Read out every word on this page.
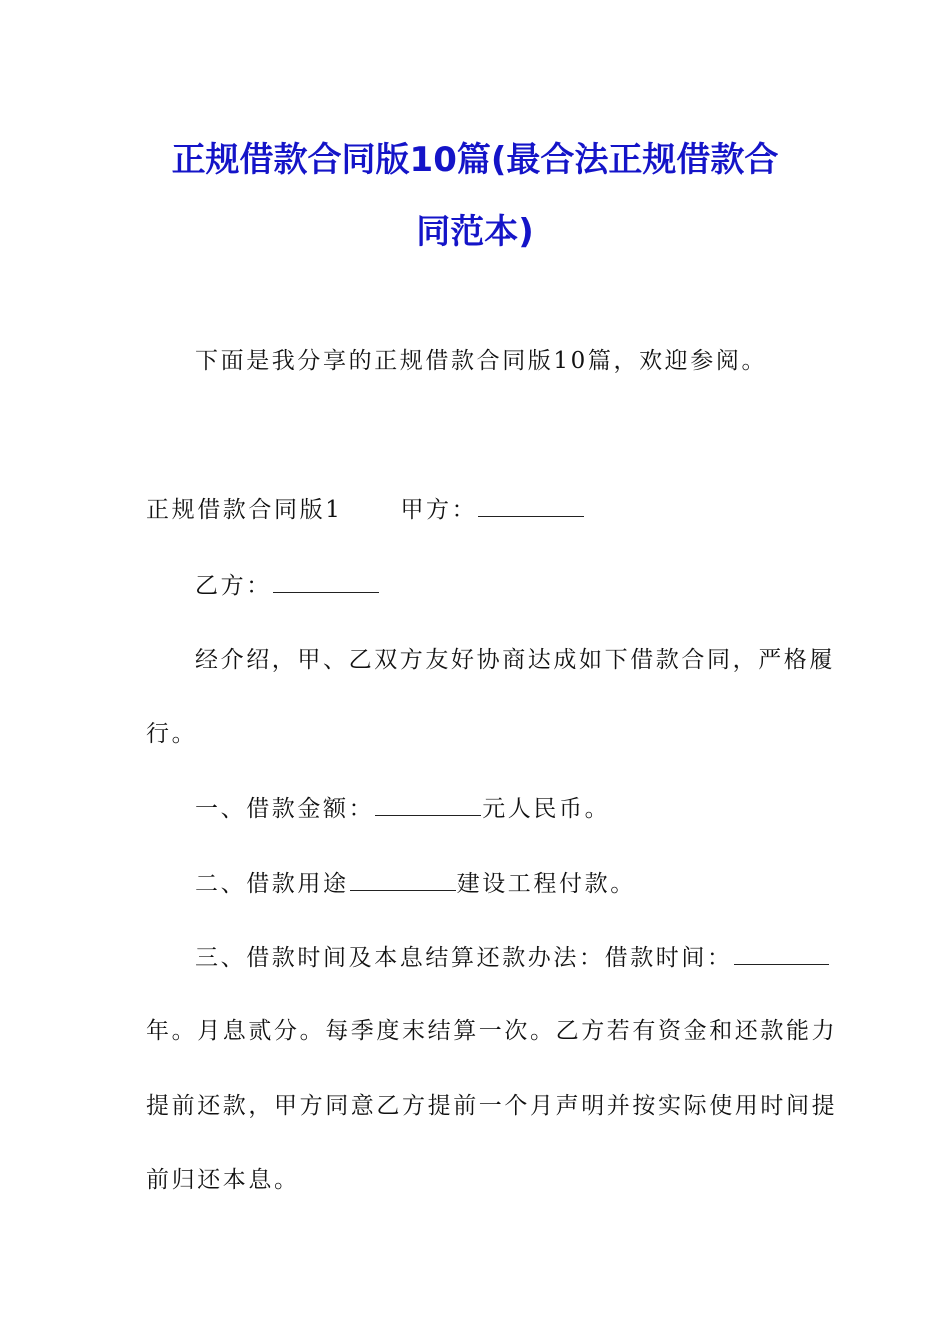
正规借款合同版10篇(最合法正规借款合
同范本)
下面是我分享的正规借款合同版10篇，欢迎参阅。
正规借款合同版1	甲方：
乙方：
经介绍，甲、乙双方友好协商达成如下借款合同，严格履
行。
一、借款金额：	元人民币。
二、借款用途	建设工程付款。
三、借款时间及本息结算还款办法：借款时间：
年。月息贰分。每季度末结算一次。乙方若有资金和还款能力
提前还款，甲方同意乙方提前一个月声明并按实际使用时间提
前归还本息。
